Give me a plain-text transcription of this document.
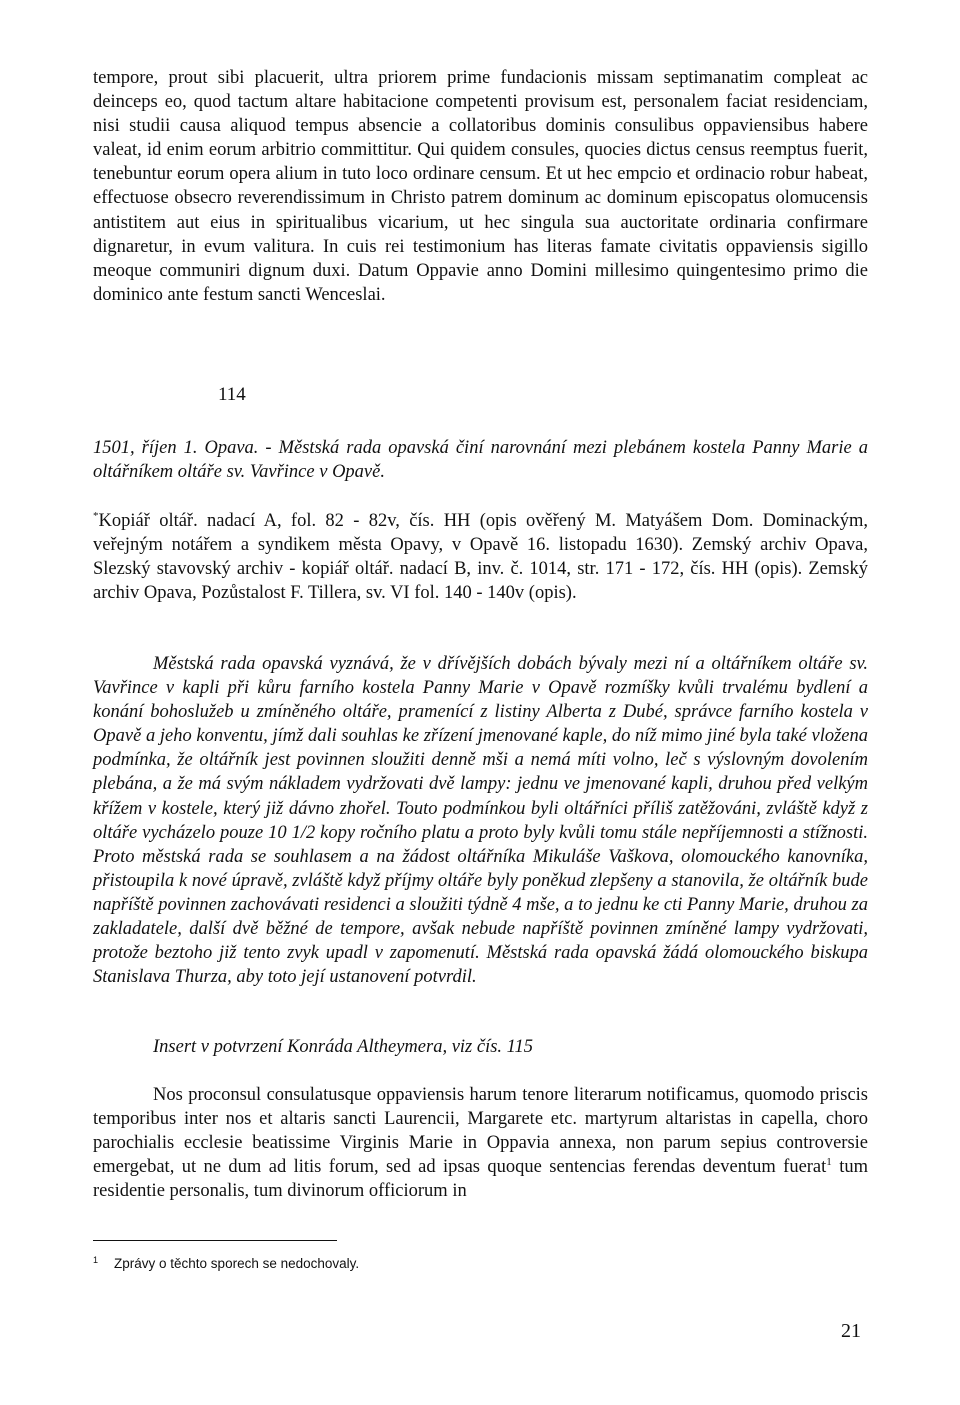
tempore, prout sibi placuerit, ultra priorem prime fundacionis missam septimanatim compleat ac deinceps eo, quod tactum altare habitacione competenti provisum est, personalem faciat residenciam, nisi studii causa aliquod tempus absencie a collatoribus dominis consulibus oppaviensibus habere valeat, id enim eorum arbitrio committitur. Qui quidem consules, quocies dictus census reemptus fuerit, tenebuntur eorum opera alium in tuto loco ordinare censum. Et ut hec empcio et ordinacio robur habeat, effectuose obsecro reverendissimum in Christo patrem dominum ac dominum episcopatus olomucensis antistitem aut eius in spiritualibus vicarium, ut hec singula sua auctoritate ordinaria confirmare dignaretur, in evum valitura. In cuis rei testimonium has literas famate civitatis oppaviensis sigillo meoque communiri dignum duxi. Datum Oppavie anno Domini millesimo quingentesimo primo die dominico ante festum sancti Wenceslai.

114

1501, říjen 1. Opava. - Městská rada opavská činí narovnání mezi plebánem kostela Panny Marie a oltářníkem oltáře sv. Vavřince v Opavě.

*Kopiář oltář. nadací A, fol. 82 - 82v, čís. HH (opis ověřený M. Matyášem Dom. Dominackým, veřejným notářem a syndikem města Opavy, v Opavě 16. listopadu 1630). Zemský archiv Opava, Slezský stavovský archiv - kopiář oltář. nadací B, inv. č. 1014, str. 171 - 172, čís. HH (opis). Zemský archiv Opava, Pozůstalost F. Tillera, sv. VI fol. 140 - 140v (opis).

Městská rada opavská vyznává, že v dřívějších dobách bývaly mezi ní a oltářníkem oltáře sv. Vavřince v kapli při kůru farního kostela Panny Marie v Opavě rozmíšky kvůli trvalému bydlení a konání bohoslužeb u zmíněného oltáře, pramenící z listiny Alberta z Dubé, správce farního kostela v Opavě a jeho konventu, jímž dali souhlas ke zřízení jmenované kaple, do níž mimo jiné byla také vložena podmínka, že oltářník jest povinnen sloužiti denně mši a nemá míti volno, leč s výslovným dovolením plebána, a že má svým nákladem vydržovati dvě lampy: jednu ve jmenované kapli, druhou před velkým křížem v kostele, který již dávno zhořel. Touto podmínkou byli oltářníci příliš zatěžováni, zvláště když z oltáře vycházelo pouze 10 1/2 kopy ročního platu a proto byly kvůli tomu stále nepříjemnosti a stížnosti. Proto městská rada se souhlasem a na žádost oltářníka Mikuláše Vaškova, olomouckého kanovníka, přistoupila k nové úpravě, zvláště když příjmy oltáře byly poněkud zlepšeny a stanovila, že oltářník bude napříště povinnen zachovávati residenci a sloužiti týdně 4 mše, a to jednu ke cti Panny Marie, druhou za zakladatele, další dvě běžné de tempore, avšak nebude napříště povinnen zmíněné lampy vydržovati, protože beztoho již tento zvyk upadl v zapomenutí. Městská rada opavská žádá olomouckého biskupa Stanislava Thurza, aby toto její ustanovení potvrdil.

Insert v potvrzení Konráda Altheymera, viz čís. 115

Nos proconsul consulatusque oppaviensis harum tenore literarum notificamus, quomodo priscis temporibus inter nos et altaris sancti Laurencii, Margarete etc. martyrum altaristas in capella, choro parochialis ecclesie beatissime Virginis Marie in Oppavia annexa, non parum sepius controversie emergebat, ut ne dum ad litis forum, sed ad ipsas quoque sentencias ferendas deventum fuerat$^1$ tum residentie personalis, tum divinorum officiorum in

$^1$ Zprávy o těchto sporech se nedochovaly.

21
